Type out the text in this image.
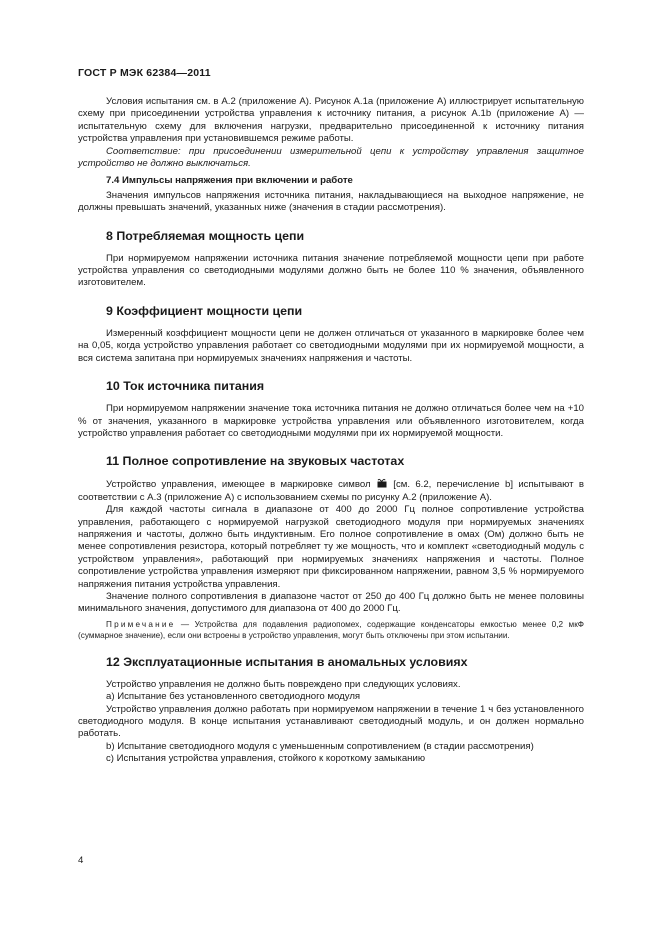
ГОСТ Р МЭК 62384—2011

Условия испытания см. в А.2 (приложение А). Рисунок А.1а (приложение А) иллюстрирует испытательную схему при присоединении устройства управления к источнику питания, а рисунок А.1b (приложение А) — испытательную схему для включения нагрузки, предварительно присоединенной к источнику питания устройства управления при установившемся режиме работы.

Соответствие: при присоединении измерительной цепи к устройству управления защитное устройство не должно выключаться.

7.4 Импульсы напряжения при включении и работе

Значения импульсов напряжения источника питания, накладывающиеся на выходное напряжение, не должны превышать значений, указанных ниже (значения в стадии рассмотрения).

8 Потребляемая мощность цепи

При нормируемом напряжении источника питания значение потребляемой мощности цепи при работе устройства управления со светодиодными модулями должно быть не более 110 % значения, объявленного изготовителем.

9 Коэффициент мощности цепи

Измеренный коэффициент мощности цепи не должен отличаться от указанного в маркировке более чем на 0,05, когда устройство управления работает со светодиодными модулями при их нормируемой мощности, а вся система запитана при нормируемых значениях напряжения и частоты.

10 Ток источника питания

При нормируемом напряжении значение тока источника питания не должно отличаться более чем на +10 % от значения, указанного в маркировке устройства управления или объявленного изготовителем, когда устройство управления работает со светодиодными модулями при их нормируемой мощности.

11 Полное сопротивление на звуковых частотах

Устройство управления, имеющее в маркировке символ [см. 6.2, перечисление b] испытывают в соответствии с А.3 (приложение А) с использованием схемы по рисунку А.2 (приложение А).

Для каждой частоты сигнала в диапазоне от 400 до 2000 Гц полное сопротивление устройства управления, работающего с нормируемой нагрузкой светодиодного модуля при нормируемых значениях напряжения и частоты, должно быть индуктивным. Его полное сопротивление в омах (Ом) должно быть не менее сопротивления резистора, который потребляет ту же мощность, что и комплект «светодиодный модуль с устройством управления», работающий при нормируемых значениях напряжения и частоты. Полное сопротивление устройства управления измеряют при фиксированном напряжении, равном 3,5 % нормируемого напряжения питания устройства управления.

Значение полного сопротивления в диапазоне частот от 250 до 400 Гц должно быть не менее половины минимального значения, допустимого для диапазона от 400 до 2000 Гц.

Примечание — Устройства для подавления радиопомех, содержащие конденсаторы емкостью менее 0,2 мкФ (суммарное значение), если они встроены в устройство управления, могут быть отключены при этом испытании.

12 Эксплуатационные испытания в аномальных условиях

Устройство управления не должно быть повреждено при следующих условиях.

а) Испытание без установленного светодиодного модуля

Устройство управления должно работать при нормируемом напряжении в течение 1 ч без установленного светодиодного модуля. В конце испытания устанавливают светодиодный модуль, и он должен нормально работать.

b) Испытание светодиодного модуля с уменьшенным сопротивлением (в стадии рассмотрения)

c) Испытания устройства управления, стойкого к короткому замыканию

4
